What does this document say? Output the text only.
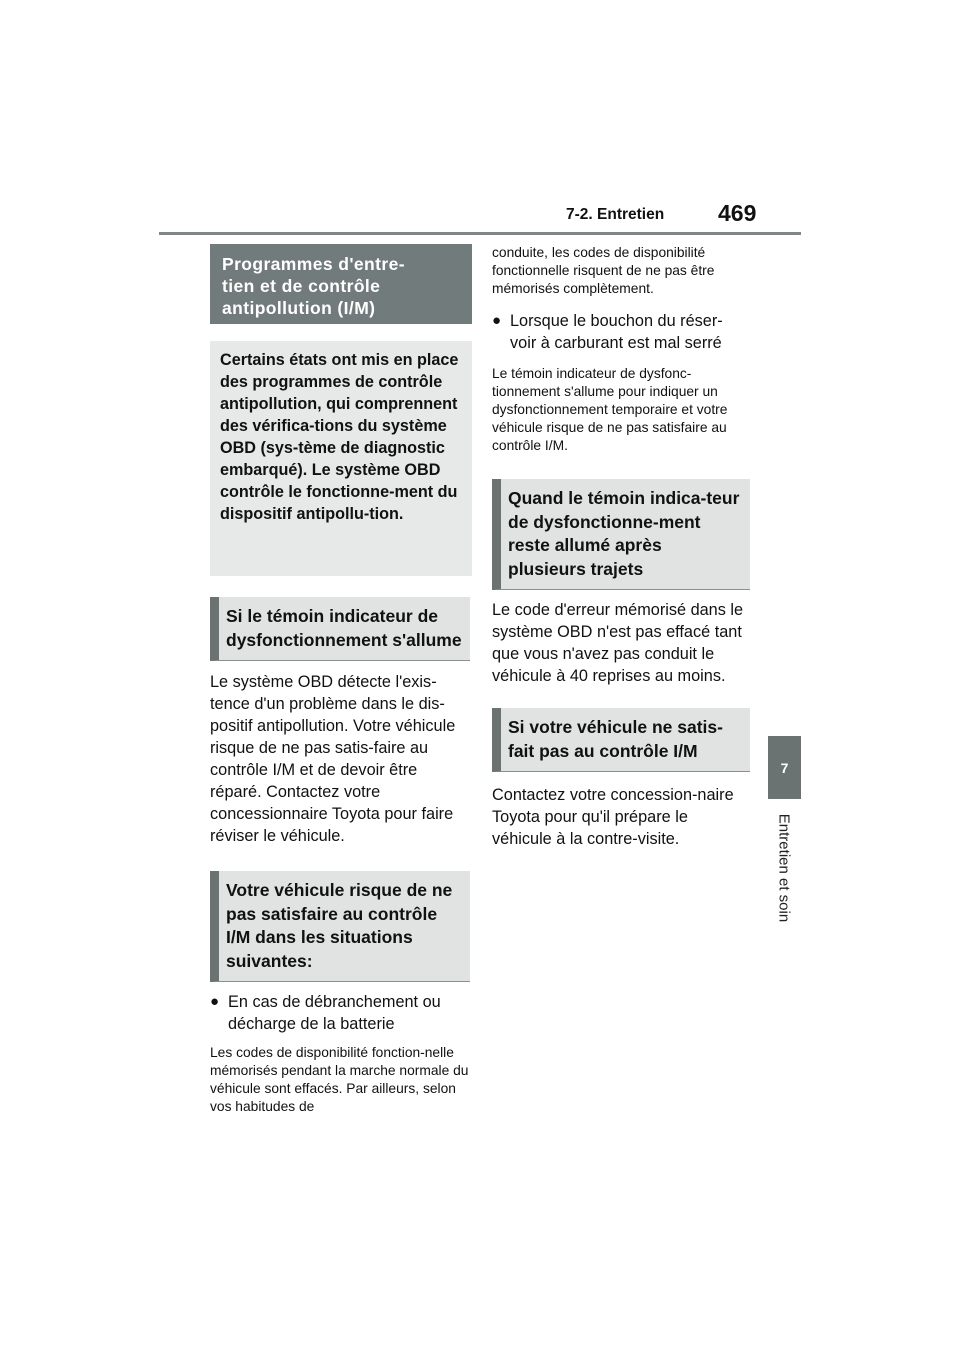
7-2. Entretien 469
7
Entretien et soin
Programmes d'entre-
tien et de contrôle
antipollution (I/M)
Certains états ont mis en place des programmes de contrôle antipollution, qui comprennent des vérifica-tions du système OBD (sys-tème de diagnostic embarqué). Le système OBD contrôle le fonctionne-ment du dispositif antipollu-tion.
Si le témoin indicateur de dysfonctionnement s'allume
Le système OBD détecte l'exis-tence d'un problème dans le dis-positif antipollution. Votre véhicule risque de ne pas satis-faire au contrôle I/M et de devoir être réparé. Contactez votre concessionnaire Toyota pour faire réviser le véhicule.
Votre véhicule risque de ne pas satisfaire au contrôle I/M dans les situations suivantes:
● En cas de débranchement ou décharge de la batterie
Les codes de disponibilité fonction-nelle mémorisés pendant la marche normale du véhicule sont effacés. Par ailleurs, selon vos habitudes de
conduite, les codes de disponibilité fonctionnelle risquent de ne pas être mémorisés complètement.
● Lorsque le bouchon du réser-voir à carburant est mal serré
Le témoin indicateur de dysfonc-tionnement s'allume pour indiquer un dysfonctionnement temporaire et votre véhicule risque de ne pas satisfaire au contrôle I/M.
Quand le témoin indica-teur de dysfonctionne-ment reste allumé après plusieurs trajets
Le code d'erreur mémorisé dans le système OBD n'est pas effacé tant que vous n'avez pas conduit le véhicule à 40 reprises au moins.
Si votre véhicule ne satis-fait pas au contrôle I/M
Contactez votre concession-naire Toyota pour qu'il prépare le véhicule à la contre-visite.
